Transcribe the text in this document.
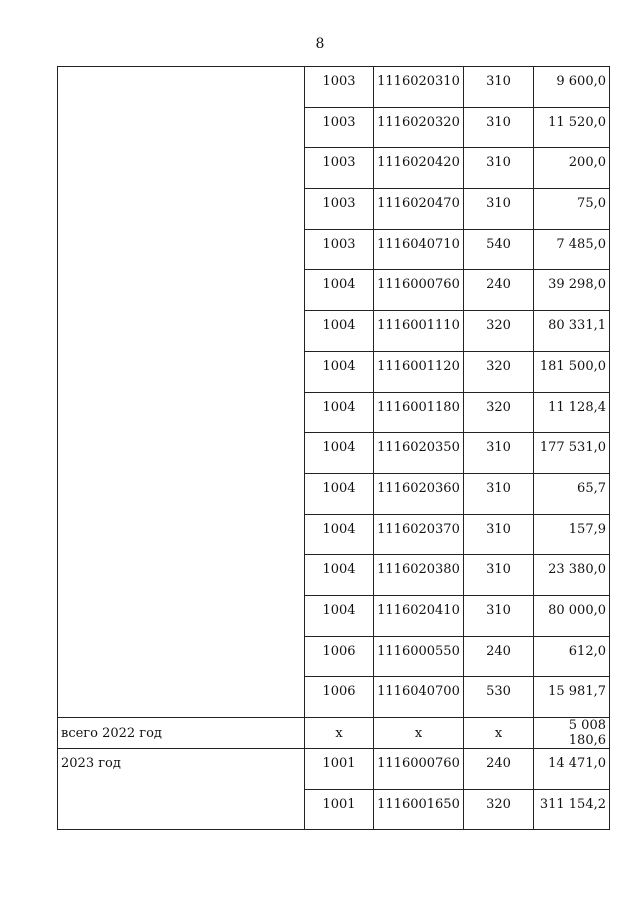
8
	1003	1116020310	310	9 600,0
	1003	1116020320	310	11 520,0
	1003	1116020420	310	200,0
	1003	1116020470	310	75,0
	1003	1116040710	540	7 485,0
	1004	1116000760	240	39 298,0
	1004	1116001110	320	80 331,1
	1004	1116001120	320	181 500,0
	1004	1116001180	320	11 128,4
	1004	1116020350	310	177 531,0
	1004	1116020360	310	65,7
	1004	1116020370	310	157,9
	1004	1116020380	310	23 380,0
	1004	1116020410	310	80 000,0
	1006	1116000550	240	612,0
	1006	1116040700	530	15 981,7
всего 2022 год	х	х	х	5 008 180,6
2023 год	1001	1116000760	240	14 471,0
	1001	1116001650	320	311 154,2
